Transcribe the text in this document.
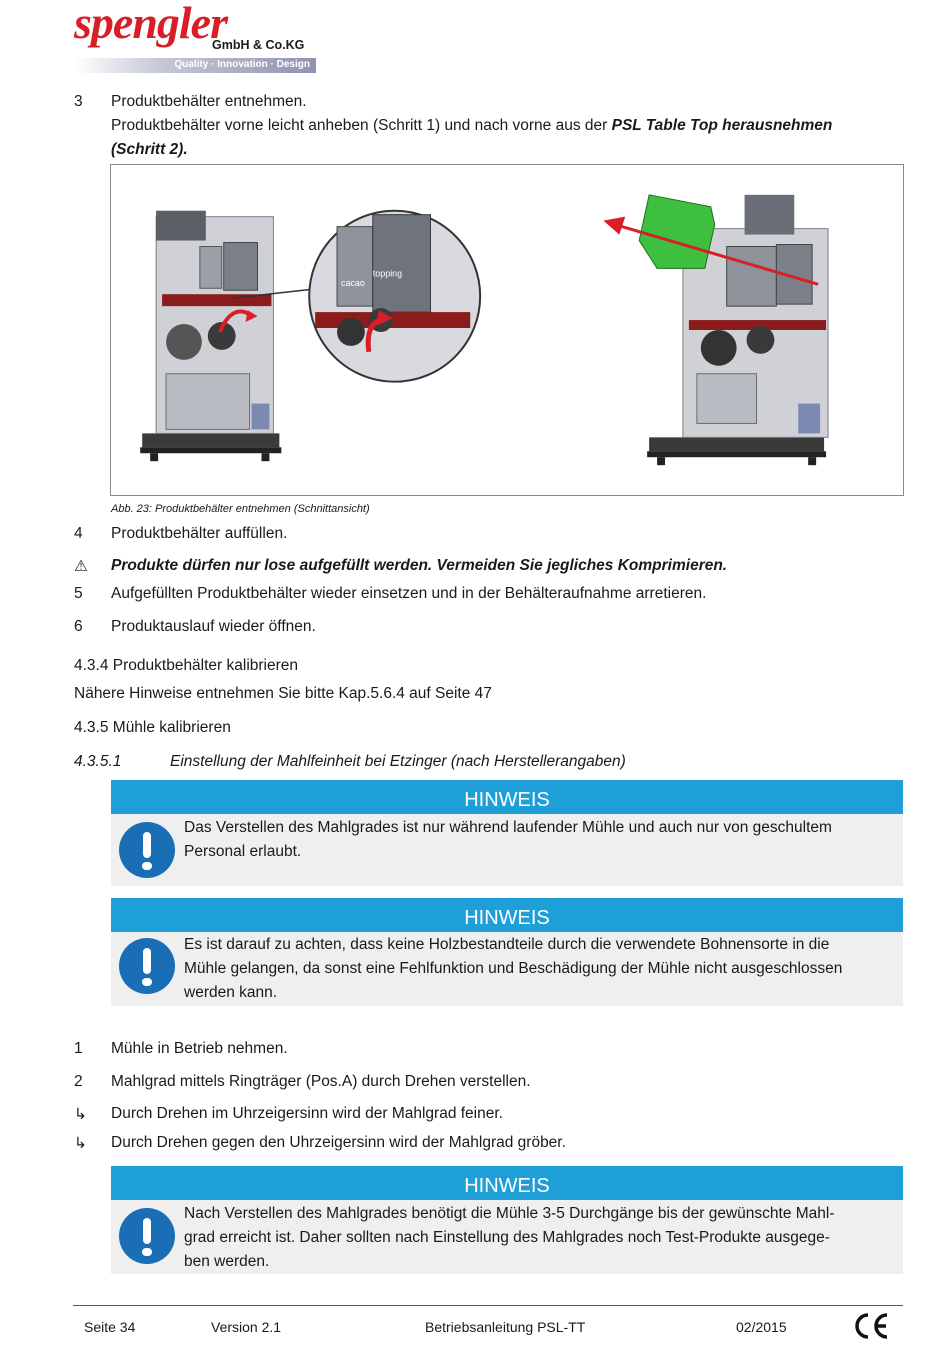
spengler
GmbH & Co.KG
Quality · Innovation · Design
3 Produktbehälter entnehmen.
Produktbehälter vorne leicht anheben (Schritt 1) und nach vorne aus der PSL Table Top herausnehmen
(Schritt 2).
cacao
topping
Abb. 23: Produktbehälter entnehmen (Schnittansicht)
4 Produktbehälter auffüllen.
⚠ Produkte dürfen nur lose aufgefüllt werden. Vermeiden Sie jegliches Komprimieren.
5 Aufgefüllten Produktbehälter wieder einsetzen und in der Behälteraufnahme arretieren.
6 Produktauslauf wieder öffnen.
4.3.4 Produktbehälter kalibrieren
Nähere Hinweise entnehmen Sie bitte Kap.5.6.4 auf Seite 47
4.3.5 Mühle kalibrieren
4.3.5.1	Einstellung der Mahlfeinheit bei Etzinger (nach Herstellerangaben)
HINWEIS
Das Verstellen des Mahlgrades ist nur während laufender Mühle und auch nur von geschultem
Personal erlaubt.
HINWEIS
Es ist darauf zu achten, dass keine Holzbestandteile durch die verwendete Bohnensorte in die
Mühle gelangen, da sonst eine Fehlfunktion und Beschädigung der Mühle nicht ausgeschlossen
werden kann.
1 Mühle in Betrieb nehmen.
2 Mahlgrad mittels Ringträger (Pos.A) durch Drehen verstellen.
↳ Durch Drehen im Uhrzeigersinn wird der Mahlgrad feiner.
↳ Durch Drehen gegen den Uhrzeigersinn wird der Mahlgrad gröber.
HINWEIS
Nach Verstellen des Mahlgrades benötigt die Mühle 3-5 Durchgänge bis der gewünschte Mahl-
grad erreicht ist. Daher sollten nach Einstellung des Mahlgrades noch Test-Produkte ausgege-
ben werden.
Seite 34	Version 2.1	Betriebsanleitung PSL-TT	02/2015
